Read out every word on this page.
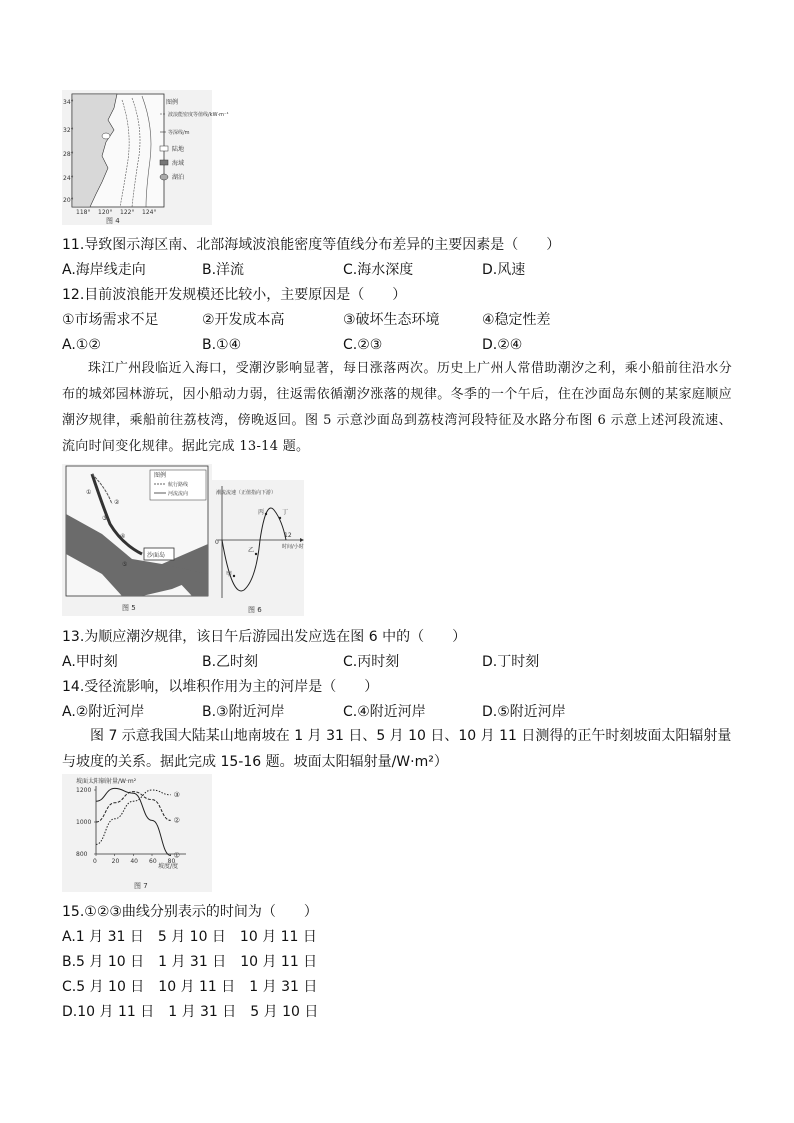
34°
32°
28°
24°
20°
118° 120° 122° 124°
图 4
图例
波浪能密度等值线/kW·m⁻¹
等深线/m
陆地
海域
湖泊
11.导致图示海区南、北部海域波浪能密度等值线分布差异的主要因素是（　　）
A.海岸线走向	B.洋流	C.海水深度	D.风速
12.目前波浪能开发规模还比较小，主要原因是（　　）
①市场需求不足	②开发成本高	③破坏生态环境	④稳定性差
A.①②	B.①④	C.②③	D.②④
珠江广州段临近入海口，受潮汐影响显著，每日涨落两次。历史上广州人常借助潮汐之利，乘小船前往沿水分布的城郊园林游玩，因小船动力弱，往返需依循潮汐涨落的规律。冬季的一个午后，住在沙面岛东侧的某家庭顺应潮汐规律，乘船前往荔枝湾，傍晚返回。图 5 示意沙面岛到荔枝湾河段特征及水路分布图 6 示意上述河段流速、流向时间变化规律。据此完成 13-14 题。
沙面岛
①
②
③
④
⑤
图例
航行路线
河流流向
图 5
潮流流速（正值指向下游）
0
时间/小时
12
甲
乙
丙	丁
图 6
13.为顺应潮汐规律，该日午后游园出发应选在图 6 中的（　　）
A.甲时刻	B.乙时刻	C.丙时刻	D.丁时刻
14.受径流影响，以堆积作用为主的河岸是（　　）
A.②附近河岸	B.③附近河岸	C.④附近河岸	D.⑤附近河岸
图 7 示意我国大陆某山地南坡在 1 月 31 日、5 月 10 日、10 月 11 日测得的正午时刻坡面太阳辐射量与坡度的关系。据此完成 15-16 题。坡面太阳辐射量/W·m²）
坡面太阳辐射量/W·m²
800
1000
1200
0 20 40 60 80
①
②
③
坡度/度
图 7
15.①②③曲线分别表示的时间为（　　）
A.1 月 31 日　5 月 10 日　10 月 11 日
B.5 月 10 日　1 月 31 日　10 月 11 日
C.5 月 10 日　10 月 11 日　1 月 31 日
D.10 月 11 日　1 月 31 日　5 月 10 日
